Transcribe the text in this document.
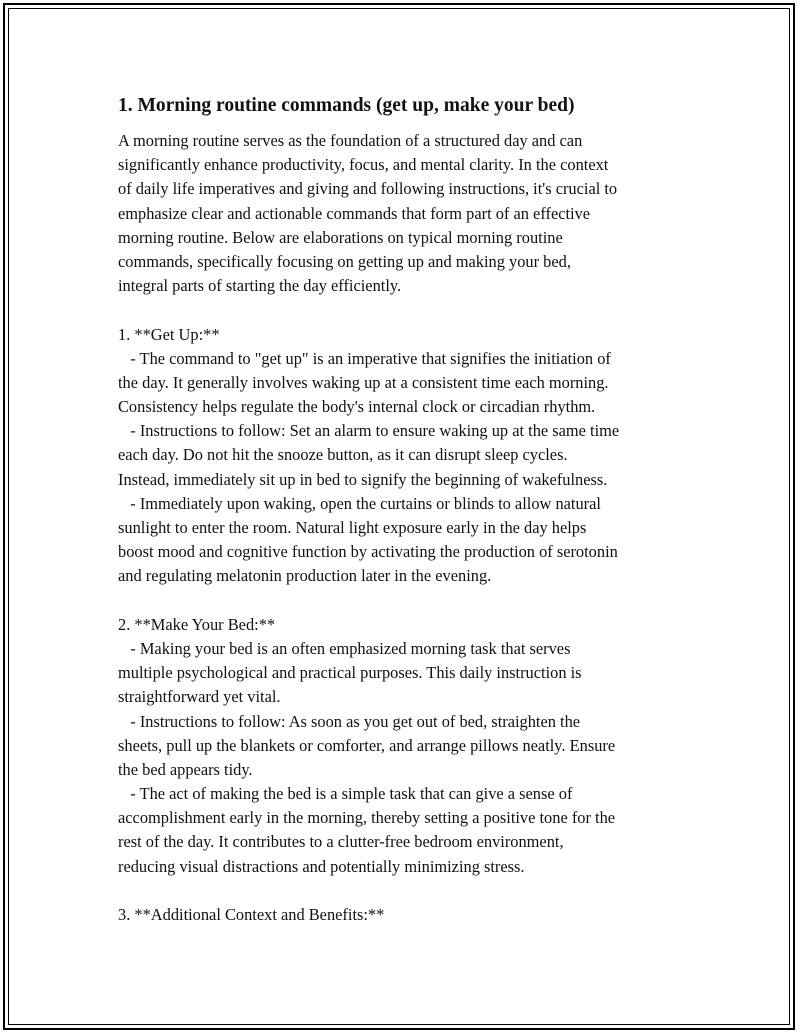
1. Morning routine commands (get up, make your bed)
A morning routine serves as the foundation of a structured day and can
significantly enhance productivity, focus, and mental clarity. In the context
of daily life imperatives and giving and following instructions, it's crucial to
emphasize clear and actionable commands that form part of an effective
morning routine. Below are elaborations on typical morning routine
commands, specifically focusing on getting up and making your bed,
integral parts of starting the day efficiently.
1. **Get Up:**
- The command to "get up" is an imperative that signifies the initiation of
the day. It generally involves waking up at a consistent time each morning.
Consistency helps regulate the body's internal clock or circadian rhythm.
- Instructions to follow: Set an alarm to ensure waking up at the same time
each day. Do not hit the snooze button, as it can disrupt sleep cycles.
Instead, immediately sit up in bed to signify the beginning of wakefulness.
- Immediately upon waking, open the curtains or blinds to allow natural
sunlight to enter the room. Natural light exposure early in the day helps
boost mood and cognitive function by activating the production of serotonin
and regulating melatonin production later in the evening.
2. **Make Your Bed:**
- Making your bed is an often emphasized morning task that serves
multiple psychological and practical purposes. This daily instruction is
straightforward yet vital.
- Instructions to follow: As soon as you get out of bed, straighten the
sheets, pull up the blankets or comforter, and arrange pillows neatly. Ensure
the bed appears tidy.
- The act of making the bed is a simple task that can give a sense of
accomplishment early in the morning, thereby setting a positive tone for the
rest of the day. It contributes to a clutter-free bedroom environment,
reducing visual distractions and potentially minimizing stress.
3. **Additional Context and Benefits:**
